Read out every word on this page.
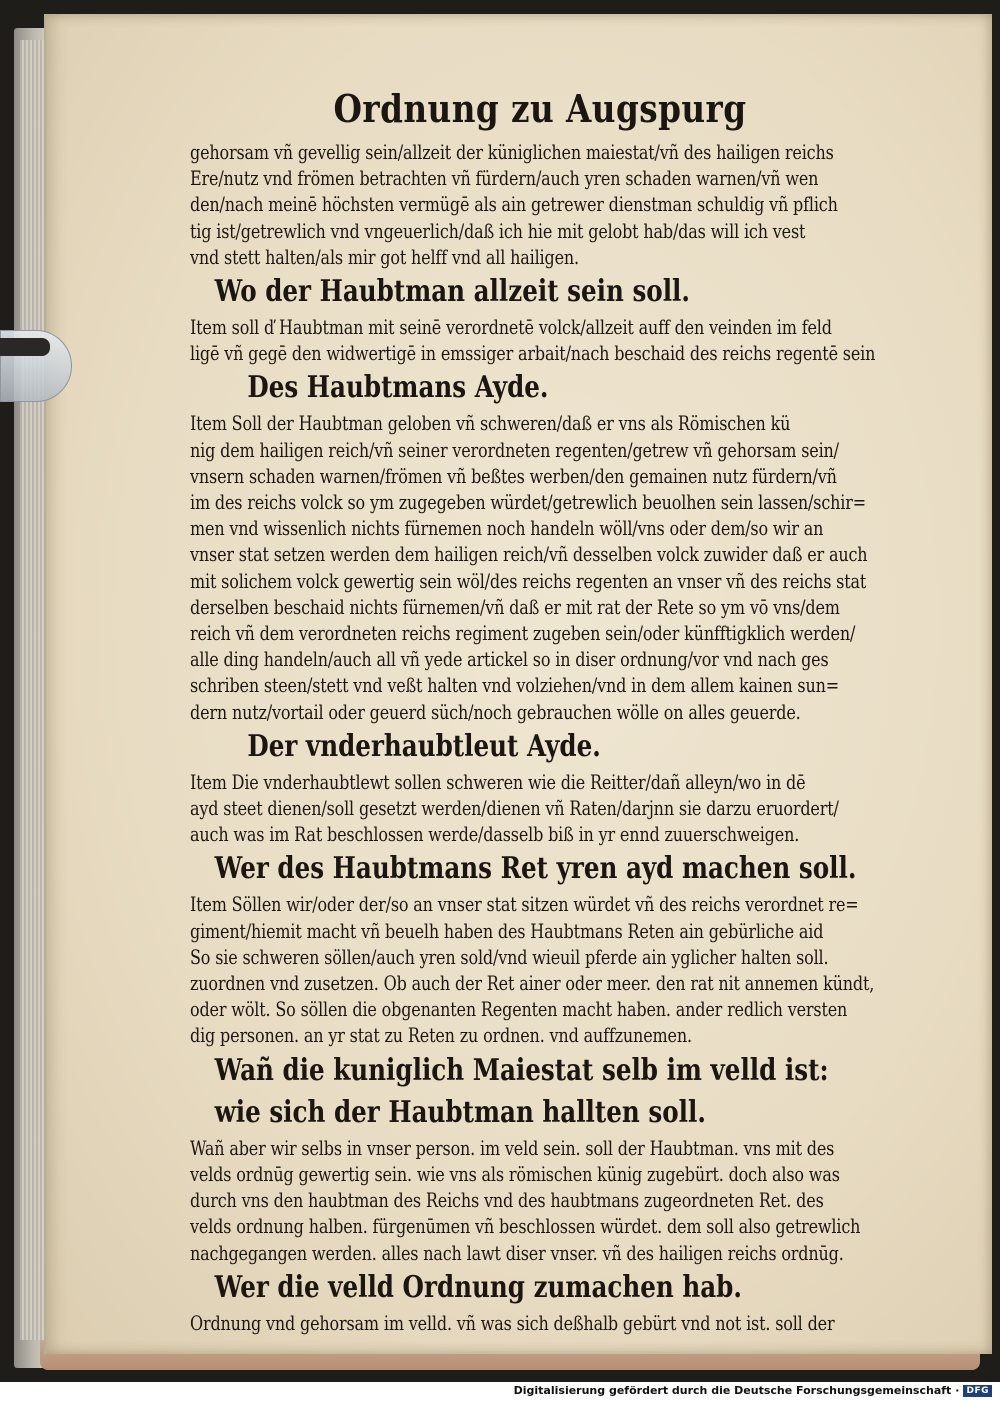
Ordnung zu Augspurg
gehorsam vñ gevellig sein/allzeit der küniglichen maiestat/vñ des hailigen reichs
Ere/nutz vnd frömen betrachten vñ fürdern/auch yren schaden warnen/vñ wen
den/nach meinē höchsten vermügē als ain getrewer dienstman schuldig vñ pflich
tig ist/getrewlich vnd vngeuerlich/daß ich hie mit gelobt hab/das will ich vest
vnd stett halten/als mir got helff vnd all hailigen.
Wo der Haubtman allzeit sein soll.
Item soll ď Haubtman mit seinē verordnetē volck/allzeit auff den veinden im feld
ligē vñ gegē den widwertigē in emssiger arbait/nach beschaid des reichs regentē sein
Des Haubtmans Ayde.
Item Soll der Haubtman geloben vñ schweren/daß er vns als Römischen kü
nig dem hailigen reich/vñ seiner verordneten regenten/getrew vñ gehorsam sein/
vnsern schaden warnen/frömen vñ beßtes werben/den gemainen nutz fürdern/vñ
im des reichs volck so ym zugegeben würdet/getrewlich beuolhen sein lassen/schir=
men vnd wissenlich nichts fürnemen noch handeln wöll/vns oder dem/so wir an
vnser stat setzen werden dem hailigen reich/vñ desselben volck zuwider daß er auch
mit solichem volck gewertig sein wöl/des reichs regenten an vnser vñ des reichs stat
derselben beschaid nichts fürnemen/vñ daß er mit rat der Rete so ym vō vns/dem
reich vñ dem verordneten reichs regiment zugeben sein/oder künfftigklich werden/
alle ding handeln/auch all vñ yede artickel so in diser ordnung/vor vnd nach ges
schriben steen/stett vnd veßt halten vnd volziehen/vnd in dem allem kainen sun=
dern nutz/vortail oder geuerd süch/noch gebrauchen wölle on alles geuerde.
Der vnderhaubtleut Ayde.
Item Die vnderhaubtlewt sollen schweren wie die Reitter/dañ alleyn/wo in dē
ayd steet dienen/soll gesetzt werden/dienen vñ Raten/darjnn sie darzu eruordert/
auch was im Rat beschlossen werde/dasselb biß in yr ennd zuuerschweigen.
Wer des Haubtmans Ret yren ayd machen soll.
Item Söllen wir/oder der/so an vnser stat sitzen würdet vñ des reichs verordnet re=
giment/hiemit macht vñ beuelh haben des Haubtmans Reten ain gebürliche aid
So sie schweren söllen/auch yren sold/vnd wieuil pferde ain yglicher halten soll.
zuordnen vnd zusetzen. Ob auch der Ret ainer oder meer. den rat nit annemen kündt,
oder wölt. So söllen die obgenanten Regenten macht haben. ander redlich versten
dig personen. an yr stat zu Reten zu ordnen. vnd auffzunemen.
Wañ die kuniglich Maiestat selb im velld ist:
wie sich der Haubtman hallten soll.
Wañ aber wir selbs in vnser person. im veld sein. soll der Haubtman. vns mit des
velds ordnūg gewertig sein. wie vns als römischen künig zugebürt. doch also was
durch vns den haubtman des Reichs vnd des haubtmans zugeordneten Ret. des
velds ordnung halben. fürgenūmen vñ beschlossen würdet. dem soll also getrewlich
nachgegangen werden. alles nach lawt diser vnser. vñ des hailigen reichs ordnūg.
Wer die velld Ordnung zumachen hab.
Ordnung vnd gehorsam im velld. vñ was sich deßhalb gebürt vnd not ist. soll der
Digitalisierung gefördert durch die Deutsche Forschungsgemeinschaft · DFG
